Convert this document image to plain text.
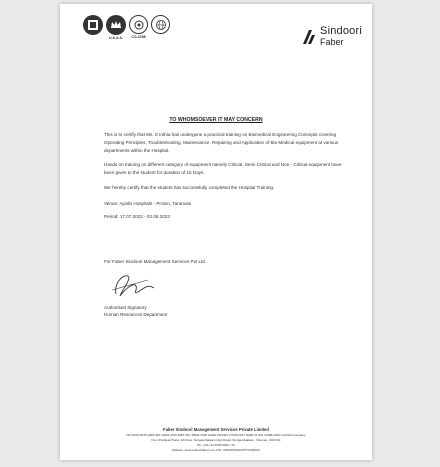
U.K.A.S. CO-3268	Sindoori
Faber
TO WHOMSOEVER IT MAY CONCERN
This is to certify that Ms. S Inthia has undergone a practical training on Biomedical Engineering Concepts covering Operating Principles, Troubleshooting, Maintenance, Repairing and Application of Bio Medical equipment at various departments within the Hospital.
Hands on training on different category of equipment namely Critical, Semi Critical and Non - Critical equipment have been given to the student for duration of 15 Days.
We hereby certify that the student has successfully completed the Hospital Training.
Venue: Apollo Hospitals - Proton, Taramani
Period: 17.07.2023 - 02.08.2023
For Faber Sindoori Management Services Pvt Ltd.
Authorised Signatory
Human Resources Department
Faber Sindoori Management Services Private Limited
ISO 9001:2015 QMS ISO 14001:2015 EMS ISO 45001:2018 OH&S ISO/IEC 17025:2017 NABL IS ISO 13485:2016 Certified Company
No.1 Pushpak Plaza, 4th Floor, Nungambakkam High Road, Nungambakkam, Chennai - 600 034
Ph: (+91) 44 4299 9400 / 10
Website: www.sindoorifaber.com CIN: U85100TN2007PTC064627
